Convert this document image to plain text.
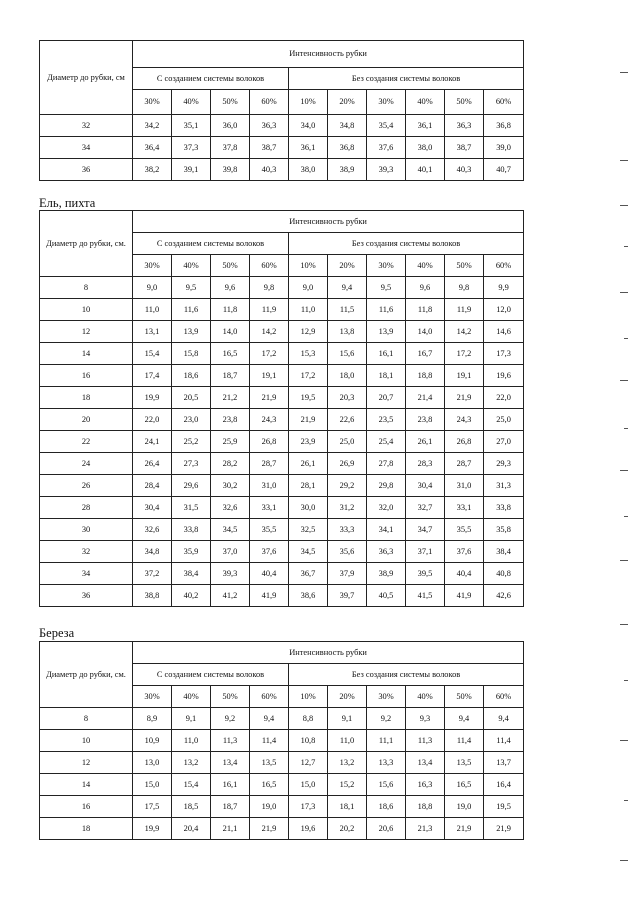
Диаметр до рубки, см	Интенсивность рубки									
	С созданием системы волоков				Без создания системы волоков					
	30%	40%	50%	60%	10%	20%	30%	40%	50%	60%
32	34,2	35,1	36,0	36,3	34,0	34,8	35,4	36,1	36,3	36,8
34	36,4	37,3	37,8	38,7	36,1	36,8	37,6	38,0	38,7	39,0
36	38,2	39,1	39,8	40,3	38,0	38,9	39,3	40,1	40,3	40,7
Ель, пихта
Диаметр до рубки, см.	Интенсивность рубки									
	С созданием системы волоков				Без создания системы волоков					
	30%	40%	50%	60%	10%	20%	30%	40%	50%	60%
8	9,0	9,5	9,6	9,8	9,0	9,4	9,5	9,6	9,8	9,9
10	11,0	11,6	11,8	11,9	11,0	11,5	11,6	11,8	11,9	12,0
12	13,1	13,9	14,0	14,2	12,9	13,8	13,9	14,0	14,2	14,6
14	15,4	15,8	16,5	17,2	15,3	15,6	16,1	16,7	17,2	17,3
16	17,4	18,6	18,7	19,1	17,2	18,0	18,1	18,8	19,1	19,6
18	19,9	20,5	21,2	21,9	19,5	20,3	20,7	21,4	21,9	22,0
20	22,0	23,0	23,8	24,3	21,9	22,6	23,5	23,8	24,3	25,0
22	24,1	25,2	25,9	26,8	23,9	25,0	25,4	26,1	26,8	27,0
24	26,4	27,3	28,2	28,7	26,1	26,9	27,8	28,3	28,7	29,3
26	28,4	29,6	30,2	31,0	28,1	29,2	29,8	30,4	31,0	31,3
28	30,4	31,5	32,6	33,1	30,0	31,2	32,0	32,7	33,1	33,8
30	32,6	33,8	34,5	35,5	32,5	33,3	34,1	34,7	35,5	35,8
32	34,8	35,9	37,0	37,6	34,5	35,6	36,3	37,1	37,6	38,4
34	37,2	38,4	39,3	40,4	36,7	37,9	38,9	39,5	40,4	40,8
36	38,8	40,2	41,2	41,9	38,6	39,7	40,5	41,5	41,9	42,6
Береза
Диаметр до рубки, см.	Интенсивность рубки									
	С созданием системы волоков				Без создания системы волоков					
	30%	40%	50%	60%	10%	20%	30%	40%	50%	60%
8	8,9	9,1	9,2	9,4	8,8	9,1	9,2	9,3	9,4	9,4
10	10,9	11,0	11,3	11,4	10,8	11,0	11,1	11,3	11,4	11,4
12	13,0	13,2	13,4	13,5	12,7	13,2	13,3	13,4	13,5	13,7
14	15,0	15,4	16,1	16,5	15,0	15,2	15,6	16,3	16,5	16,4
16	17,5	18,5	18,7	19,0	17,3	18,1	18,6	18,8	19,0	19,5
18	19,9	20,4	21,1	21,9	19,6	20,2	20,6	21,3	21,9	21,9
